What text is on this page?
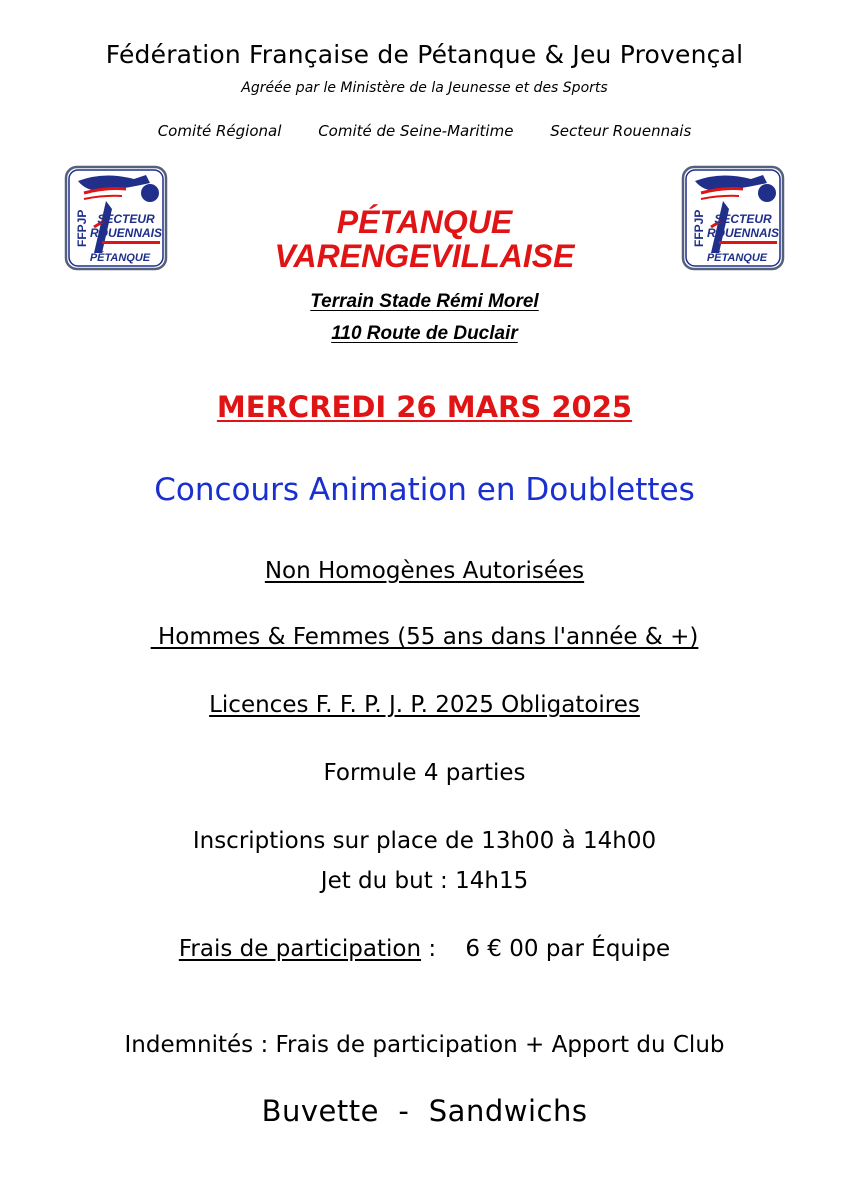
Fédération Française de Pétanque & Jeu Provençal
Agréée par le Ministère de la Jeunesse et des Sports
Comité Régional Comité de Seine-Maritime Secteur Rouennais
FFPJP SECTEUR
ROUENNAIS
PÉTANQUE
FFPJP SECTEUR
ROUENNAIS
PÉTANQUE
PÉTANQUE
VARENGEVILLAISE
Terrain Stade Rémi Morel
110 Route de Duclair
MERCREDI 26 MARS 2025
Concours Animation en Doublettes
Non Homogènes Autorisées
Hommes & Femmes (55 ans dans l'année & +)
Licences F. F. P. J. P. 2025 Obligatoires
Formule 4 parties
Inscriptions sur place de 13h00 à 14h00
Jet du but : 14h15
Frais de participation :    6 € 00 par Équipe
Indemnités : Frais de participation + Apport du Club
Buvette  -  Sandwichs
